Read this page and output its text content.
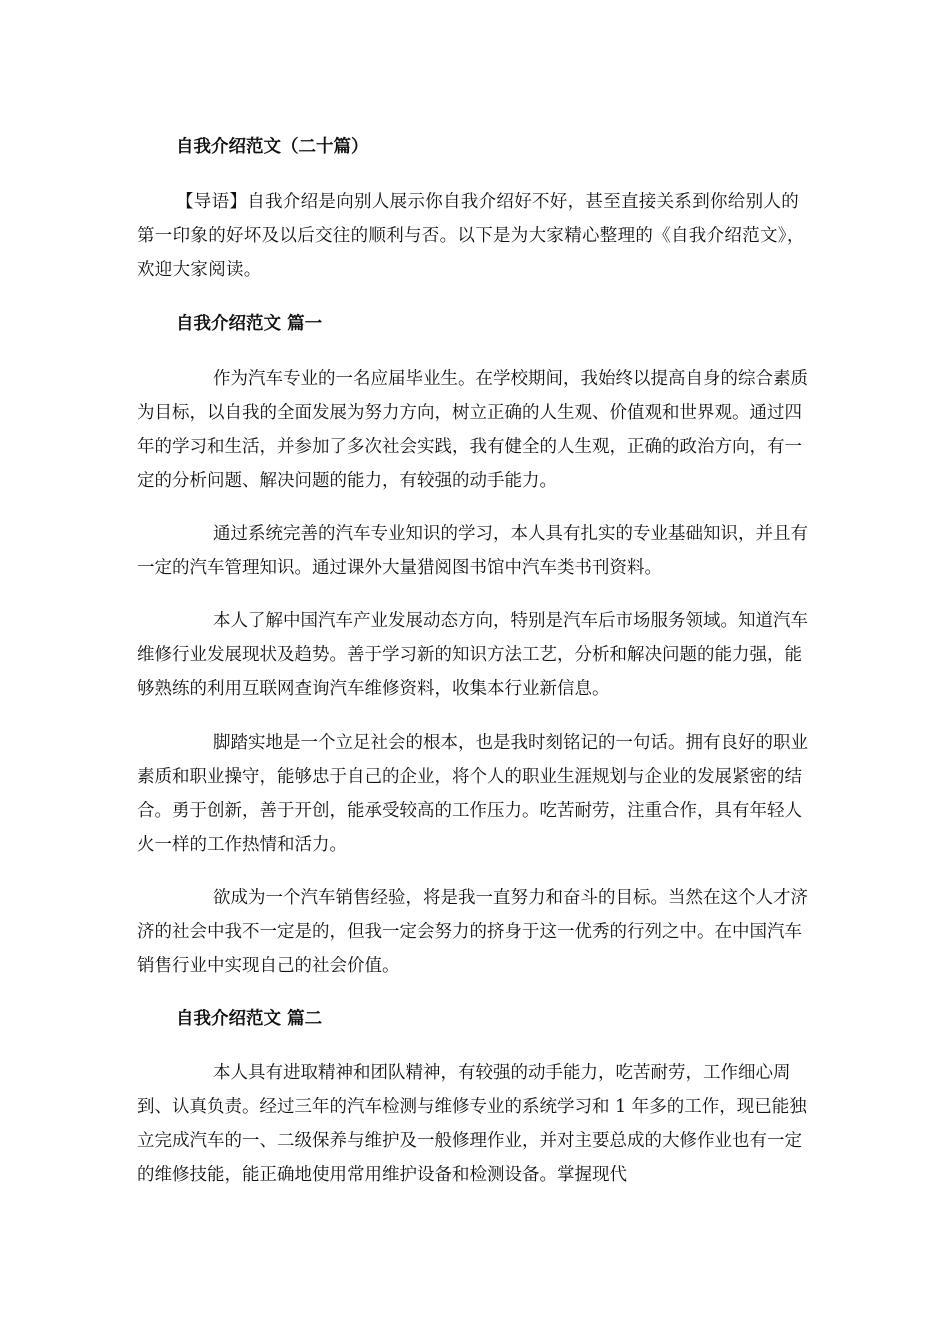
自我介绍范文（二十篇）

【导语】自我介绍是向别人展示你自我介绍好不好，甚至直接关系到你给别人的第一印象的好坏及以后交往的顺利与否。以下是为大家精心整理的《自我介绍范文》，欢迎大家阅读。

自我介绍范文 篇一

作为汽车专业的一名应届毕业生。在学校期间，我始终以提高自身的综合素质为目标，以自我的全面发展为努力方向，树立正确的人生观、价值观和世界观。通过四年的学习和生活，并参加了多次社会实践，我有健全的人生观，正确的政治方向，有一定的分析问题、解决问题的能力，有较强的动手能力。

通过系统完善的汽车专业知识的学习，本人具有扎实的专业基础知识，并且有一定的汽车管理知识。通过课外大量猎阅图书馆中汽车类书刊资料。

本人了解中国汽车产业发展动态方向，特别是汽车后市场服务领域。知道汽车维修行业发展现状及趋势。善于学习新的知识方法工艺，分析和解决问题的能力强，能够熟练的利用互联网查询汽车维修资料，收集本行业新信息。

脚踏实地是一个立足社会的根本，也是我时刻铭记的一句话。拥有良好的职业素质和职业操守，能够忠于自己的企业，将个人的职业生涯规划与企业的发展紧密的结合。勇于创新，善于开创，能承受较高的工作压力。吃苦耐劳，注重合作，具有年轻人火一样的工作热情和活力。

欲成为一个汽车销售经验，将是我一直努力和奋斗的目标。当然在这个人才济济的社会中我不一定是的，但我一定会努力的挤身于这一优秀的行列之中。在中国汽车销售行业中实现自己的社会价值。

自我介绍范文 篇二

本人具有进取精神和团队精神，有较强的动手能力，吃苦耐劳，工作细心周到、认真负责。经过三年的汽车检测与维修专业的系统学习和 1 年多的工作，现已能独立完成汽车的一、二级保养与维护及一般修理作业，并对主要总成的大修作业也有一定的维修技能，能正确地使用常用维护设备和检测设备。掌握现代
